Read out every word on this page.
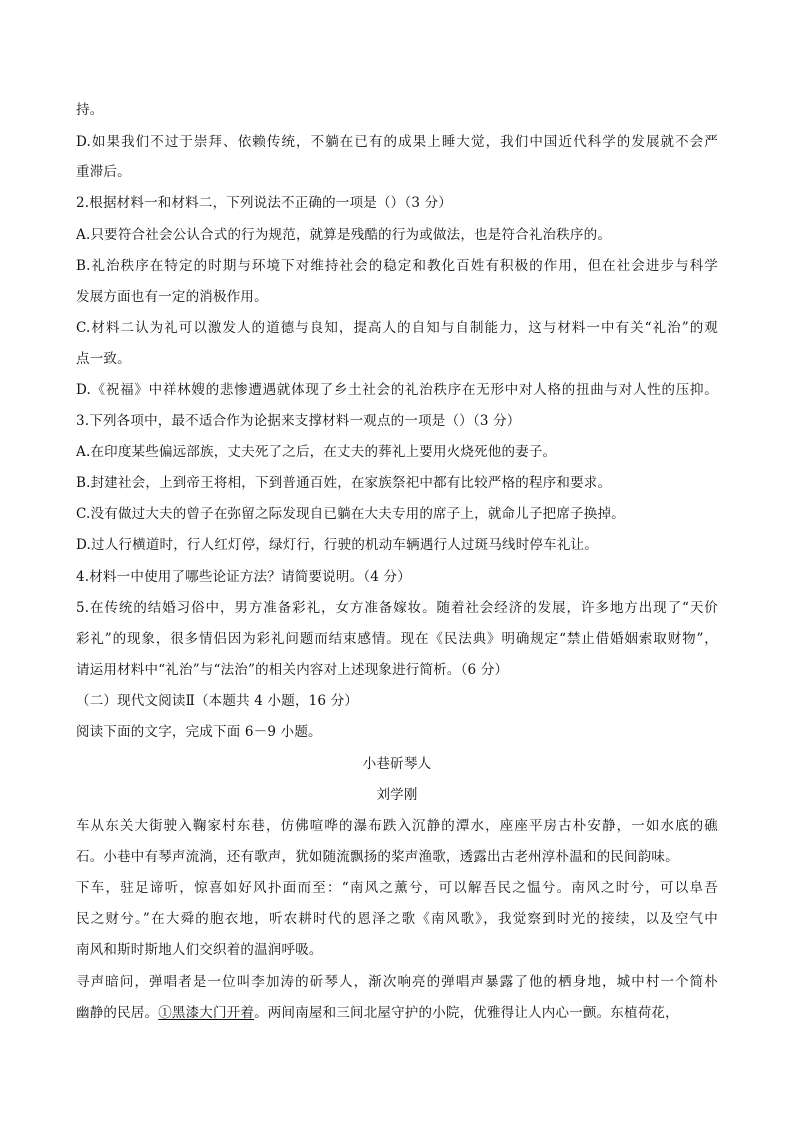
持。
D.如果我们不过于崇拜、依赖传统，不躺在已有的成果上睡大觉，我们中国近代科学的发展就不会严
重滞后。
2.根据材料一和材料二，下列说法不正确的一项是（）（3 分）
A.只要符合社会公认合式的行为规范，就算是残酷的行为或做法，也是符合礼治秩序的。
B.礼治秩序在特定的时期与环境下对维持社会的稳定和教化百姓有积极的作用，但在社会进步与科学
发展方面也有一定的消极作用。
C.材料二认为礼可以激发人的道德与良知，提高人的自知与自制能力，这与材料一中有关“礼治”的观
点一致。
D.《祝福》中祥林嫂的悲惨遭遇就体现了乡土社会的礼治秩序在无形中对人格的扭曲与对人性的压抑。
3.下列各项中，最不适合作为论据来支撑材料一观点的一项是（）（3 分）
A.在印度某些偏远部族，丈夫死了之后，在丈夫的葬礼上要用火烧死他的妻子。
B.封建社会，上到帝王将相，下到普通百姓，在家族祭祀中都有比较严格的程序和要求。
C.没有做过大夫的曾子在弥留之际发现自已躺在大夫专用的席子上，就命儿子把席子换掉。
D.过人行横道时，行人红灯停，绿灯行，行驶的机动车辆遇行人过斑马线时停车礼让。
4.材料一中使用了哪些论证方法？请简要说明。（4 分）
5.在传统的结婚习俗中，男方准备彩礼，女方准备嫁妆。随着社会经济的发展，许多地方出现了“天价
彩礼”的现象，很多情侣因为彩礼问题而结束感情。现在《民法典》明确规定“禁止借婚姻索取财物”，
请运用材料中“礼治”与“法治”的相关内容对上述现象进行简析。（6 分）
（二）现代文阅读Ⅱ（本题共 4 小题，16 分）
阅读下面的文字，完成下面 6－9 小题。
小巷斫琴人
刘学刚
车从东关大街驶入鞠家村东巷，仿佛喧哗的瀑布跌入沉静的潭水，座座平房古朴安静，一如水底的礁
石。小巷中有琴声流淌，还有歌声，犹如随流飘扬的桨声渔歌，透露出古老州淳朴温和的民间韵味。
下车，驻足谛听，惊喜如好风扑面而至：“南风之薰兮，可以解吾民之愠兮。南风之时兮，可以阜吾
民之财兮。”在大舜的胞衣地，听农耕时代的恩泽之歌《南风歌》，我觉察到时光的接续，以及空气中
南风和斯时斯地人们交织着的温润呼吸。
寻声暗问，弹唱者是一位叫李加涛的斫琴人，渐次响亮的弹唱声暴露了他的栖身地，城中村一个简朴
幽静的民居。①黑漆大门开着。两间南屋和三间北屋守护的小院，优雅得让人内心一颤。东植荷花，
